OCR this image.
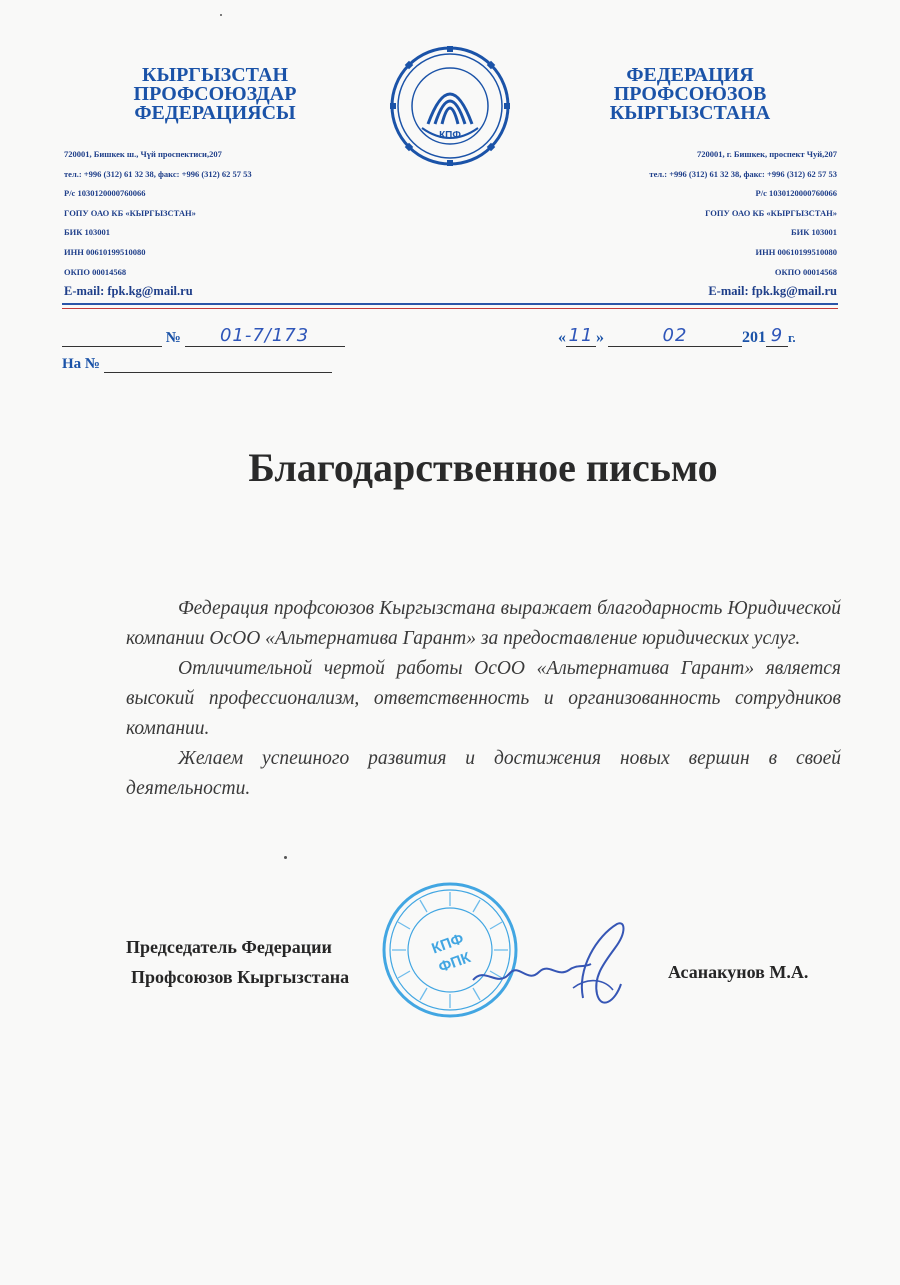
КЫРГЫЗСТАН
ПРОФСОЮЗДАР
ФЕДЕРАЦИЯСЫ
КПФ
ФЕДЕРАЦИЯ
ПРОФСОЮЗОВ
КЫРГЫЗСТАНА
720001, Бишкек ш., Чүй проспектиси,207
тел.: +996 (312) 61 32 38, факс: +996 (312) 62 57 53
Р/с 1030120000760066
ГОПУ ОАО КБ «КЫРГЫЗСТАН»
БИК 103001
ИНН 00610199510080
ОКПО 00014568
E-mail: fpk.kg@mail.ru
720001, г. Бишкек, проспект Чуй,207
тел.: +996 (312) 61 32 38, факс: +996 (312) 62 57 53
Р/с 1030120000760066
ГОПУ ОАО КБ «КЫРГЫЗСТАН»
БИК 103001
ИНН 00610199510080
ОКПО 00014568
E-mail: fpk.kg@mail.ru
№ 01-7/173
На №
« 11 »	02	201 9 г.
Благодарственное письмо

Федерация профсоюзов Кыргызстана выражает благодарность Юридической компании ОсОО «Альтернатива Гарант» за предоставление юридических услуг.

Отличительной чертой работы ОсОО «Альтернатива Гарант» является высокий профессионализм, ответственность и организованность сотрудников компании.

Желаем успешного развития и достижения новых вершин в своей деятельности.

Председатель Федерации
Профсоюзов Кыргызстана
КПФ
ФПК	Асанакунов М.А.
